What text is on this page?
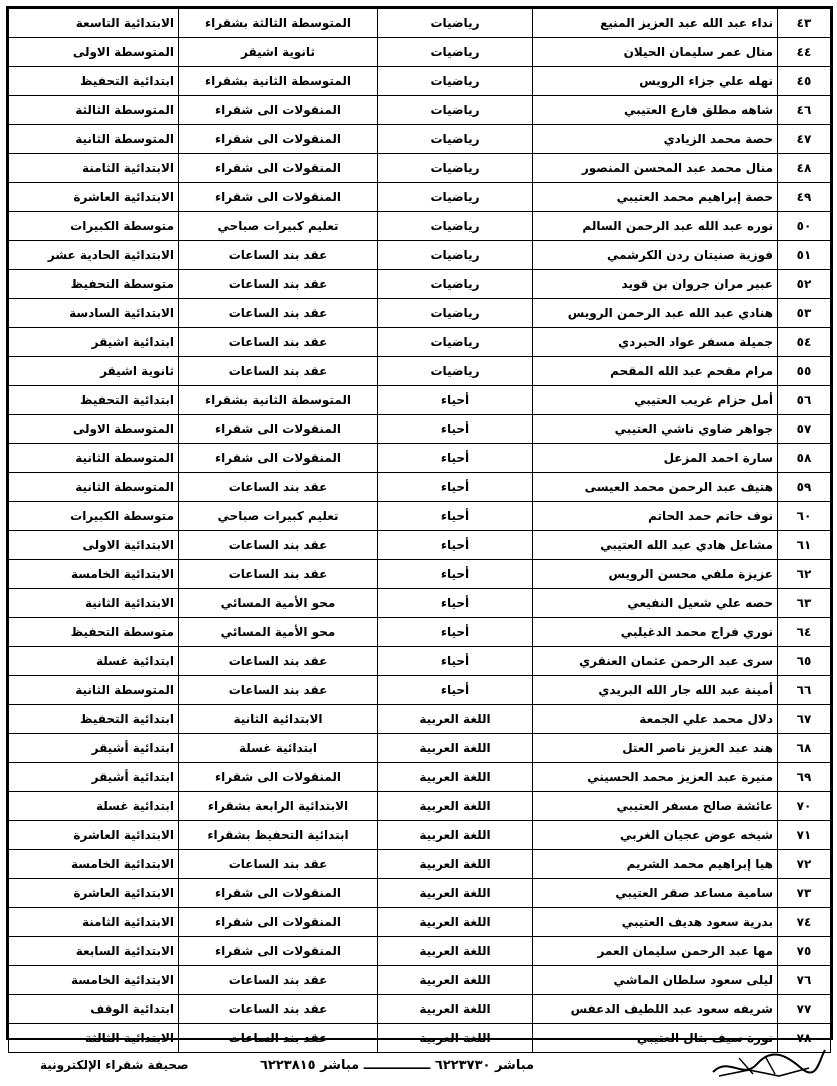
٤٣	نداء عبد الله عبد العزيز المنيع	رياضيات	المتوسطة الثالثة بشقراء	الابتدائية التاسعة
٤٤	منال عمر سليمان الحيلان	رياضيات	ثانوية اشيقر	المتوسطة الاولى
٤٥	نهله علي جزاء الرويس	رياضيات	المتوسطة الثانية بشقراء	ابتدائية التحفيظ
٤٦	شاهه مطلق فارع العتيبي	رياضيات	المنقولات الى شقراء	المتوسطة الثالثة
٤٧	حصة محمد الزيادي	رياضيات	المنقولات الى شقراء	المتوسطة الثانية
٤٨	منال محمد عبد المحسن المنصور	رياضيات	المنقولات الى شقراء	الابتدائية الثامنة
٤٩	حصة إبراهيم محمد العتيبي	رياضيات	المنقولات الى شقراء	الابتدائية العاشرة
٥٠	نوره عبد الله عبد الرحمن السالم	رياضيات	تعليم كبيرات صباحي	متوسطة الكبيرات
٥١	فوزية صنيتان ردن الكرشمي	رياضيات	عقد بند الساعات	الابتدائية الحادية عشر
٥٢	عبير مران جروان بن قويد	رياضيات	عقد بند الساعات	متوسطة التحفيظ
٥٣	هنادي عبد الله عبد الرحمن الرويس	رياضيات	عقد بند الساعات	الابتدائية السادسة
٥٤	جميلة مسفر عواد الحبردي	رياضيات	عقد بند الساعات	ابتدائية اشيقر
٥٥	مرام مقحم عبد الله المقحم	رياضيات	عقد بند الساعات	ثانوية اشيقر
٥٦	أمل حزام غريب العتيبي	أحياء	المتوسطة الثانية بشقراء	ابتدائية التحفيظ
٥٧	جواهر ضاوي ناشي العتيبي	أحياء	المنقولات الى شقراء	المتوسطة الاولى
٥٨	سارة احمد المزعل	أحياء	المنقولات الى شقراء	المتوسطة الثانية
٥٩	هتيف عبد الرحمن محمد العيسى	أحياء	عقد بند الساعات	المتوسطة الثانية
٦٠	نوف حاتم حمد الحاتم	أحياء	تعليم كبيرات صباحي	متوسطة الكبيرات
٦١	مشاعل هادي عبد الله العتيبي	أحياء	عقد بند الساعات	الابتدائية الاولى
٦٢	عزيزة ملفي محسن الرويس	أحياء	عقد بند الساعات	الابتدائية الخامسة
٦٣	حصه علي شعيل النفيعي	أحياء	محو الأمية المسائي	الابتدائية الثانية
٦٤	نوري فراج محمد الدغيلبي	أحياء	محو الأمية المسائي	متوسطة التحفيظ
٦٥	سرى عبد الرحمن عثمان العنقري	أحياء	عقد بند الساعات	ابتدائية غسلة
٦٦	أمينة عبد الله جار الله البريدي	أحياء	عقد بند الساعات	المتوسطة الثانية
٦٧	دلال محمد علي الجمعة	اللغة العربية	الابتدائية الثانية	ابتدائية التحفيظ
٦٨	هند عبد العزيز ناصر العتل	اللغة العربية	ابتدائية غسلة	ابتدائية أشيقر
٦٩	منيرة عبد العزيز محمد الحسيني	اللغة العربية	المنقولات الى شقراء	ابتدائية أشيقر
٧٠	عائشة صالح مسفر العتيبي	اللغة العربية	الابتدائية الرابعة بشقراء	ابتدائية غسلة
٧١	شيخه عوض عجيان الغربي	اللغة العربية	ابتدائية التحفيظ بشقراء	الابتدائية العاشرة
٧٢	هيا إبراهيم محمد الشريم	اللغة العربية	عقد بند الساعات	الابتدائية الخامسة
٧٣	سامية مساعد صقر العتيبي	اللغة العربية	المنقولات الى شقراء	الابتدائية العاشرة
٧٤	بدرية سعود هديف العتيبي	اللغة العربية	المنقولات الى شقراء	الابتدائية الثامنة
٧٥	مها عبد الرحمن سليمان العمر	اللغة العربية	المنقولات الى شقراء	الابتدائية السابعة
٧٦	ليلى سعود سلطان الماشي	اللغة العربية	عقد بند الساعات	الابتدائية الخامسة
٧٧	شريفه سعود عبد اللطيف الدعفس	اللغة العربية	عقد بند الساعات	ابتدائية الوقف
٧٨	نورة سيف بتال العتيبي	اللغة العربية	عقد بند الساعات	الابتدائية الثالثة
مباشر ٦٢٢٣٧٣٠ ـــــــــــــــ مباشر ٦٢٢٣٨١٥
صحيفة شقراء الإلكترونية
